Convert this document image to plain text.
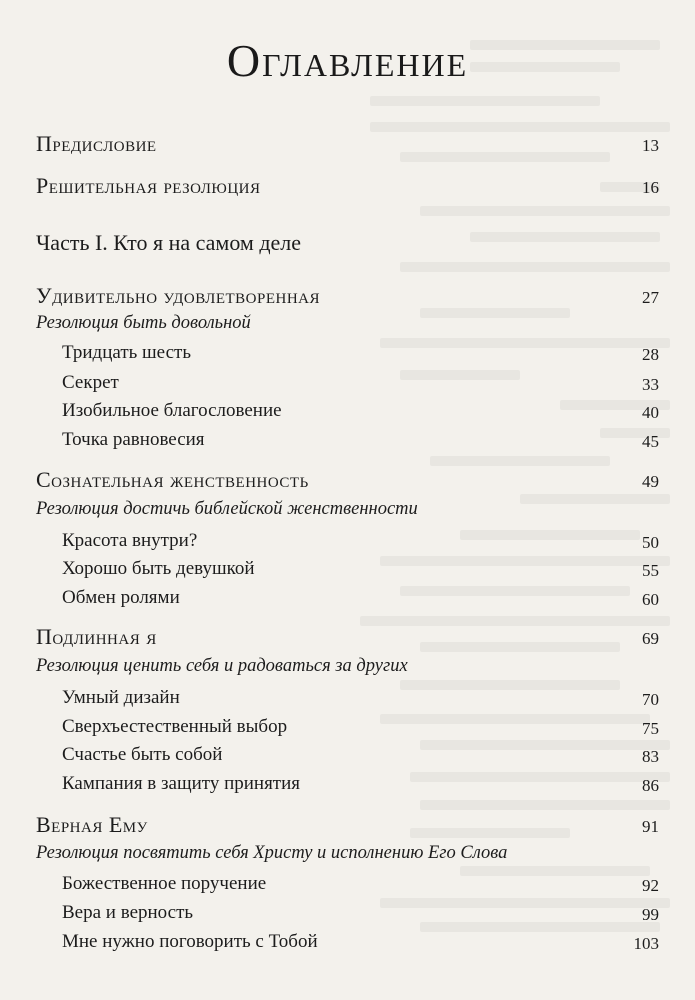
Оглавление
Предисловие	13
Решительная резолюция	16
Часть I. Кто я на самом деле
Удивительно удовлетворенная	27
Резолюция быть довольной
Тридцать шесть	28
Секрет	33
Изобильное благословение	40
Точка равновесия	45
Сознательная женственность	49
Резолюция достичь библейской женственности
Красота внутри?	50
Хорошо быть девушкой	55
Обмен ролями	60
Подлинная я	69
Резолюция ценить себя и радоваться за других
Умный дизайн	70
Сверхъестественный выбор	75
Счастье быть собой	83
Кампания в защиту принятия	86
Верная Ему	91
Резолюция посвятить себя Христу и исполнению Его Слова
Божественное поручение	92
Вера и верность	99
Мне нужно поговорить с Тобой	103
